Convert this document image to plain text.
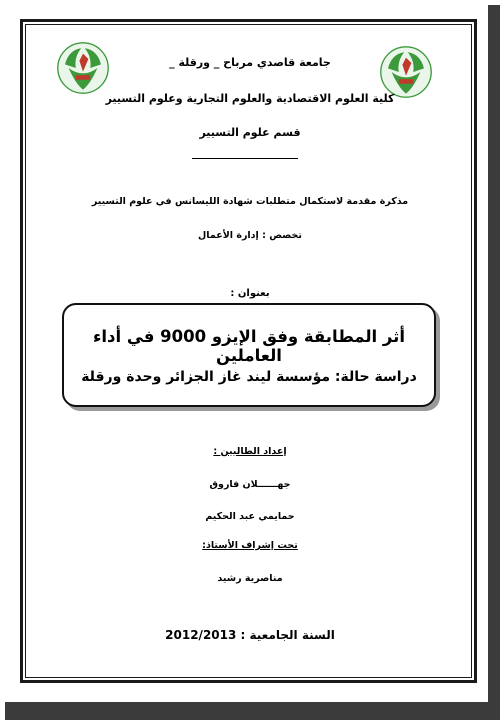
جامعة قاصدي مرباح _ ورقلة _
كلية العلوم الاقتصادية والعلوم التجارية وعلوم التسيير
قسم علوم التسيير
مذكرة مقدمة لاستكمال متطلبات شهادة الليسانس في علوم التسيير
تخصص : إدارة الأعمال
بعنوان :
أثر المطابقة وفق الإيزو 9000 في أداء العاملين
دراسة حالة: مؤسسة ليند غاز الجزائر وحدة ورقلة
إعداد الطالبين :
جهــــــلان فاروق
حمايمي عبد الحكيم
تحت إشراف الأستاذ:
مناصرية رشيد
السنة الجامعية : 2012/2013
